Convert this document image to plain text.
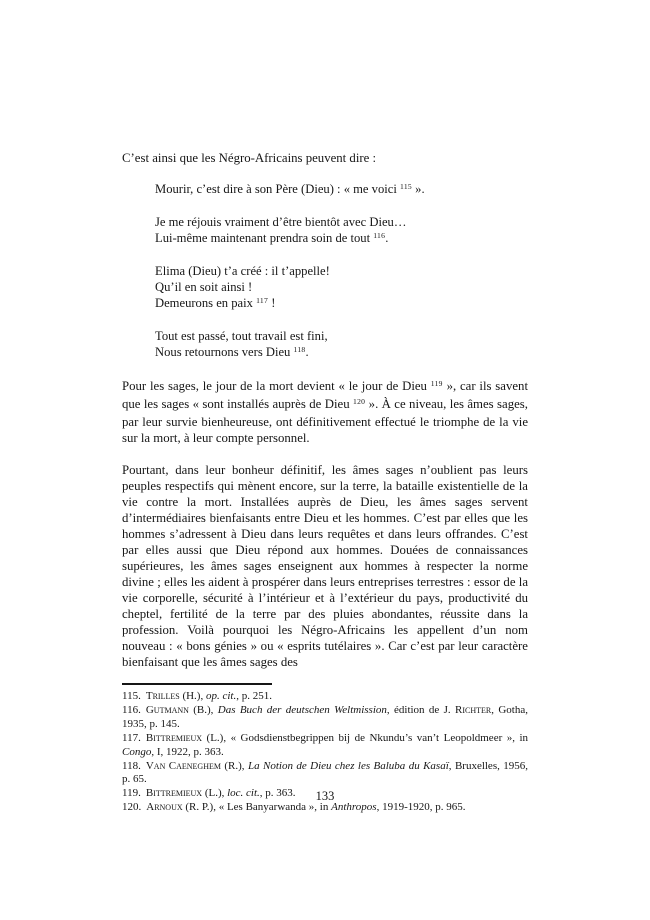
C’est ainsi que les Négro-Africains peuvent dire :

Mourir, c’est dire à son Père (Dieu) : « me voici $^{115}$ ».
Je me réjouis vraiment d’être bientôt avec Dieu…
Lui-même maintenant prendra soin de tout $^{116}$.
Elima (Dieu) t’a créé : il t’appelle!
Qu’il en soit ainsi !
Demeurons en paix $^{117}$ !
Tout est passé, tout travail est fini,
Nous retournons vers Dieu $^{118}$.

Pour les sages, le jour de la mort devient « le jour de Dieu $^{119}$ », car ils savent que les sages « sont installés auprès de Dieu $^{120}$ ». À ce niveau, les âmes sages, par leur survie bienheureuse, ont définitivement effectué le triomphe de la vie sur la mort, à leur compte personnel.

Pourtant, dans leur bonheur définitif, les âmes sages n’oublient pas leurs peuples respectifs qui mènent encore, sur la terre, la bataille existentielle de la vie contre la mort. Installées auprès de Dieu, les âmes sages servent d’intermédiaires bienfaisants entre Dieu et les hommes. C’est par elles que les hommes s’adressent à Dieu dans leurs requêtes et dans leurs offrandes. C’est par elles aussi que Dieu répond aux hommes. Douées de connaissances supérieures, les âmes sages enseignent aux hommes à respecter la norme divine ; elles les aident à prospérer dans leurs entreprises terrestres : essor de la vie corporelle, sécurité à l’intérieur et à l’extérieur du pays, productivité du cheptel, fertilité de la terre par des pluies abondantes, réussite dans la profession. Voilà pourquoi les Négro-Africains les appellent d’un nom nouveau : « bons génies » ou « esprits tutélaires ». Car c’est par leur caractère bienfaisant que les âmes sages des

115. Trilles (H.), op. cit., p. 251.
116. Gutmann (B.), Das Buch der deutschen Weltmission, édition de J. Richter, Gotha, 1935, p. 145.
117. Bittremieux (L.), « Godsdienstbegrippen bij de Nkundu’s van’t Leopoldmeer », in Congo, I, 1922, p. 363.
118. Van Caeneghem (R.), La Notion de Dieu chez les Baluba du Kasaï, Bruxelles, 1956, p. 65.
119. Bittremieux (L.), loc. cit., p. 363.
120. Arnoux (R. P.), « Les Banyarwanda », in Anthropos, 1919-1920, p. 965.
133
